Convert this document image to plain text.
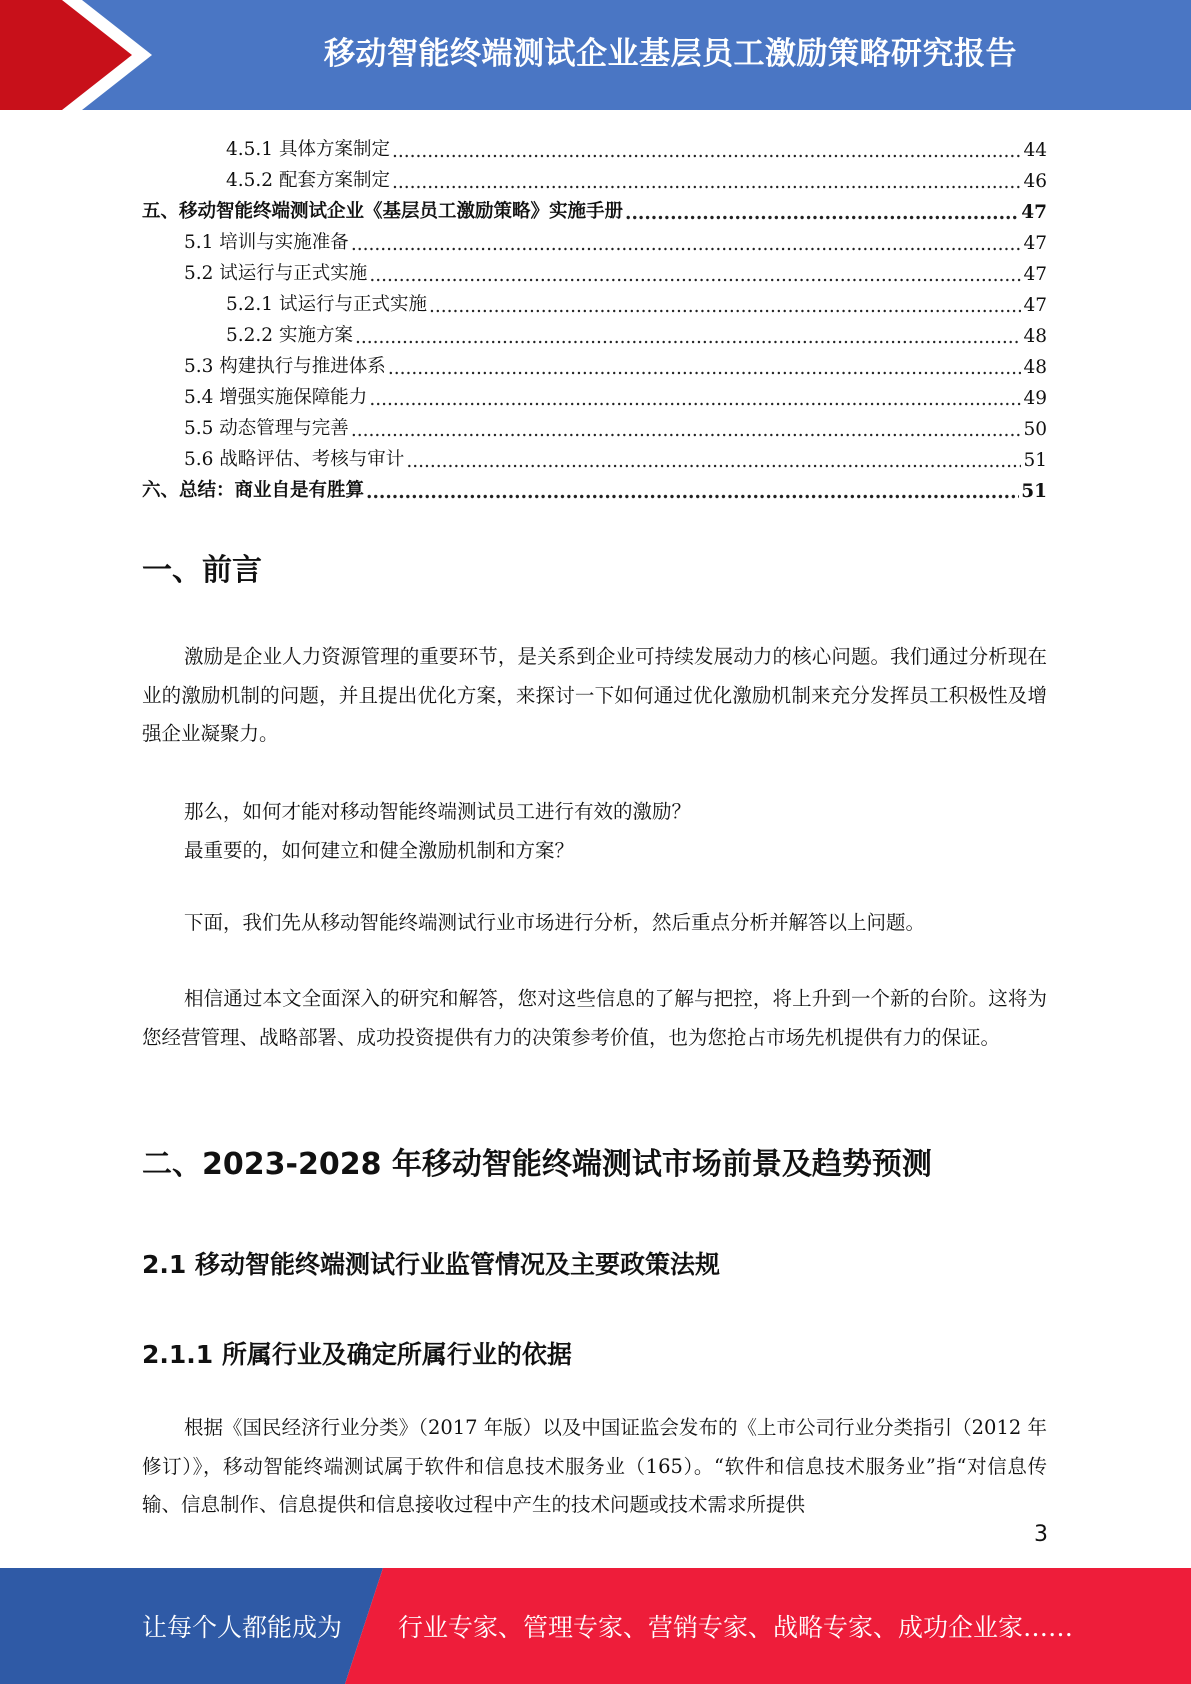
移动智能终端测试企业基层员工激励策略研究报告
4.5.1 具体方案制定 .....	44
4.5.2 配套方案制定 .....	46
五、移动智能终端测试企业《基层员工激励策略》实施手册 .....	47
5.1 培训与实施准备 .....	47
5.2 试运行与正式实施 .....	47
5.2.1 试运行与正式实施 .....	47
5.2.2 实施方案 .....	48
5.3 构建执行与推进体系 .....	48
5.4 增强实施保障能力 .....	49
5.5 动态管理与完善 .....	50
5.6 战略评估、考核与审计 .....	51
六、总结：商业自是有胜算 .....	51
一、前言

激励是企业人力资源管理的重要环节，是关系到企业可持续发展动力的核心问题。我们通过分析现在业的激励机制的问题，并且提出优化方案，来探讨一下如何通过优化激励机制来充分发挥员工积极性及增强企业凝聚力。

那么，如何才能对移动智能终端测试员工进行有效的激励？

最重要的，如何建立和健全激励机制和方案？

下面，我们先从移动智能终端测试行业市场进行分析，然后重点分析并解答以上问题。

相信通过本文全面深入的研究和解答，您对这些信息的了解与把控，将上升到一个新的台阶。这将为您经营管理、战略部署、成功投资提供有力的决策参考价值，也为您抢占市场先机提供有力的保证。

二、2023-2028 年移动智能终端测试市场前景及趋势预测
2.1 移动智能终端测试行业监管情况及主要政策法规
2.1.1 所属行业及确定所属行业的依据

根据《国民经济行业分类》（2017 年版）以及中国证监会发布的《上市公司行业分类指引（2012 年修订）》，移动智能终端测试属于软件和信息技术服务业（165）。“软件和信息技术服务业”指“对信息传输、信息制作、信息提供和信息接收过程中产生的技术问题或技术需求所提供

3
让每个人都能成为 行业专家、管理专家、营销专家、战略专家、成功企业家……
